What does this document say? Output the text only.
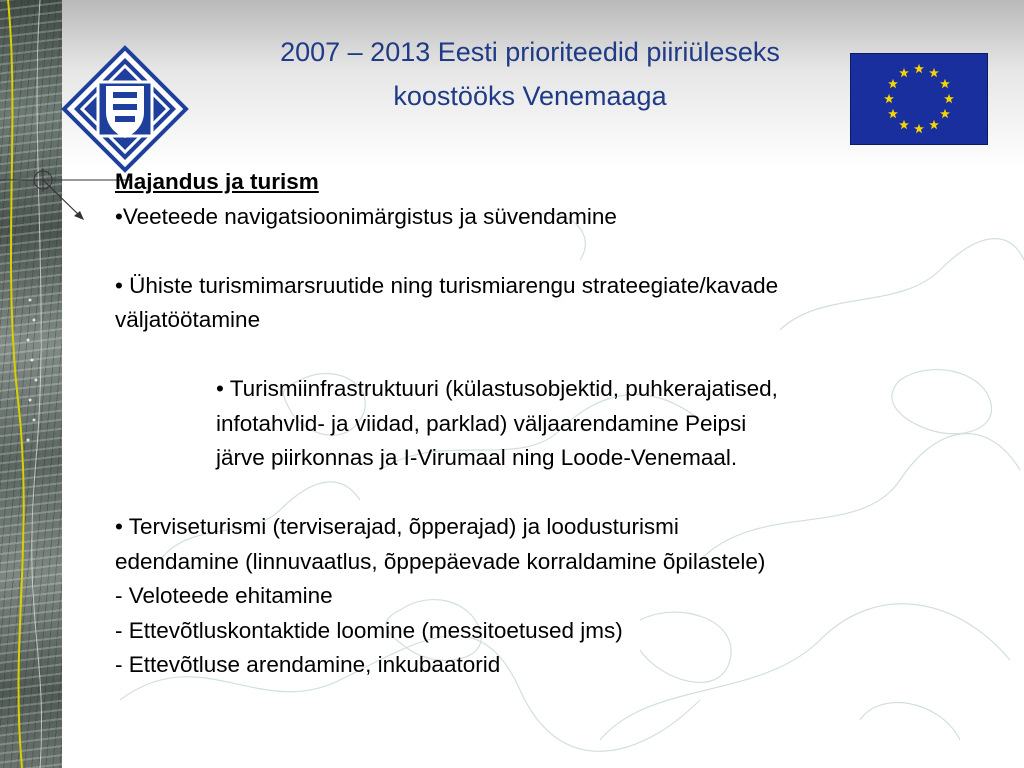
2007 – 2013 Eesti prioriteedid piiriüleseks
koostööks Venemaaga
Majandus ja turism
•Veeteede navigatsioonimärgistus ja süvendamine
• Ühiste turismimarsruutide ning turismiarengu strateegiate/kavade
väljatöötamine
• Turismiinfrastruktuuri (külastusobjektid, puhkerajatised,
infotahvlid- ja viidad, parklad) väljaarendamine Peipsi
järve piirkonnas ja I-Virumaal ning Loode-Venemaal.
• Terviseturismi (terviserajad, õpperajad) ja loodusturismi
edendamine (linnuvaatlus, õppepäevade korraldamine õpilastele)
- Veloteede ehitamine
- Ettevõtluskontaktide loomine (messitoetused jms)
- Ettevõtluse arendamine, inkubaatorid
